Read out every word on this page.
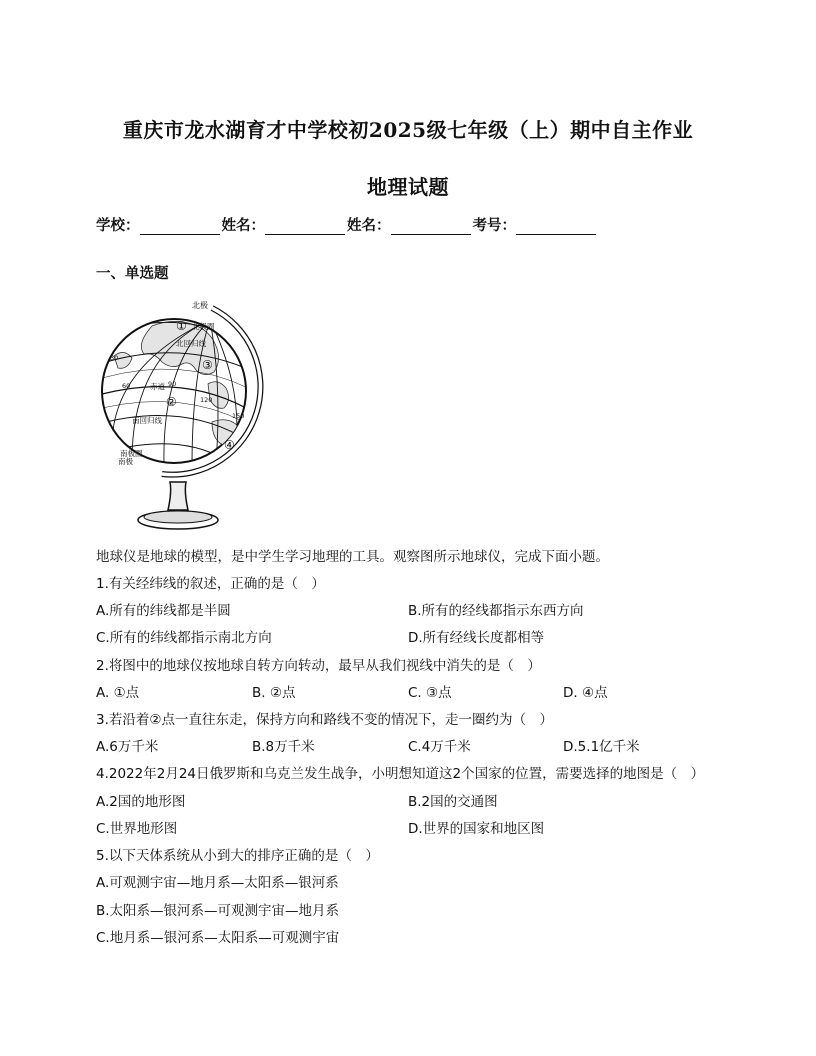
重庆市龙水湖育才中学校初2025级七年级（上）期中自主作业
地理试题
学校：	姓名：	姓名：	考号：
一、单选题
北极
北极圈
北回归线
赤道
南回归线
南极圈
南极
①
②
③
④
30
60	90
120
150
地球仪是地球的模型，是中学生学习地理的工具。观察图所示地球仪，完成下面小题。
1.有关经纬线的叙述，正确的是（　）
A.所有的纬线都是半圆	B.所有的经线都指示东西方向
C.所有的纬线都指示南北方向	D.所有经线长度都相等
2.将图中的地球仪按地球自转方向转动，最早从我们视线中消失的是（　）
A. ①点	B. ②点	C. ③点	D. ④点
3.若沿着②点一直往东走，保持方向和路线不变的情况下，走一圈约为（　）
A.6万千米	B.8万千米	C.4万千米	D.5.1亿千米
4.2022年2月24日俄罗斯和乌克兰发生战争，小明想知道这2个国家的位置，需要选择的地图是（　）
A.2国的地形图	B.2国的交通图
C.世界地形图	D.世界的国家和地区图
5.以下天体系统从小到大的排序正确的是（　）
A.可观测宇宙—地月系—太阳系—银河系
B.太阳系—银河系—可观测宇宙—地月系
C.地月系—银河系—太阳系—可观测宇宙
